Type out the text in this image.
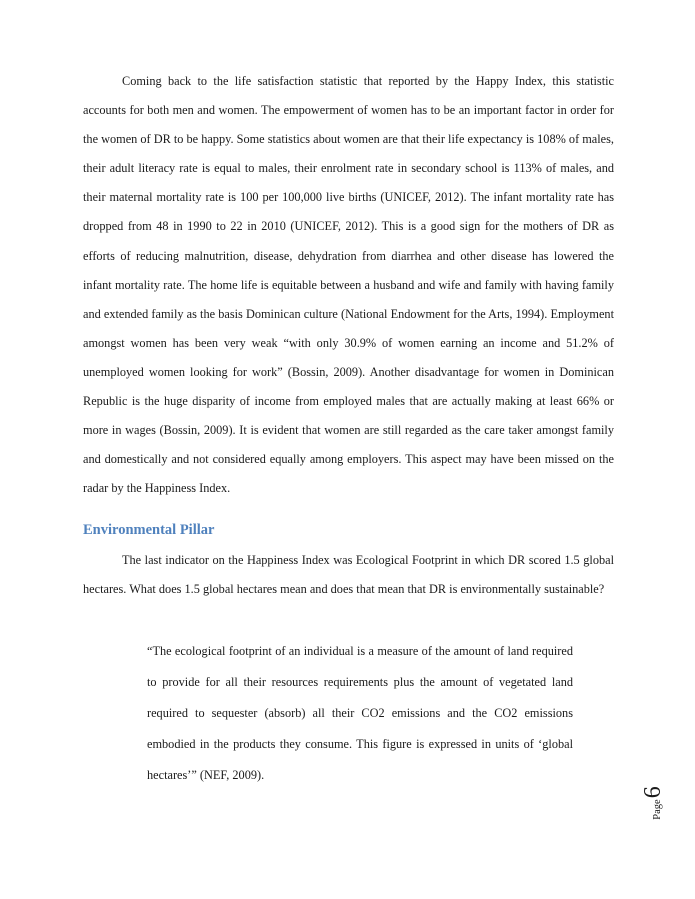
Coming back to the life satisfaction statistic that reported by the Happy Index, this statistic accounts for both men and women. The empowerment of women has to be an important factor in order for the women of DR to be happy. Some statistics about women are that their life expectancy is 108% of males, their adult literacy rate is equal to males, their enrolment rate in secondary school is 113% of males, and their maternal mortality rate is 100 per 100,000 live births (UNICEF, 2012). The infant mortality rate has dropped from 48 in 1990 to 22 in 2010 (UNICEF, 2012). This is a good sign for the mothers of DR as efforts of reducing malnutrition, disease, dehydration from diarrhea and other disease has lowered the infant mortality rate. The home life is equitable between a husband and wife and family with having family and extended family as the basis Dominican culture (National Endowment for the Arts, 1994). Employment amongst women has been very weak “with only 30.9% of women earning an income and 51.2% of unemployed women looking for work” (Bossin, 2009). Another disadvantage for women in Dominican Republic is the huge disparity of income from employed males that are actually making at least 66% or more in wages (Bossin, 2009). It is evident that women are still regarded as the care taker amongst family and domestically and not considered equally among employers. This aspect may have been missed on the radar by the Happiness Index.

Environmental Pillar

The last indicator on the Happiness Index was Ecological Footprint in which DR scored 1.5 global hectares. What does 1.5 global hectares mean and does that mean that DR is environmentally sustainable?

“The ecological footprint of an individual is a measure of the amount of land required to provide for all their resources requirements plus the amount of vegetated land required to sequester (absorb) all their CO2 emissions and the CO2 emissions embodied in the products they consume. This figure is expressed in units of ‘global hectares’” (NEF, 2009).

Page
6
